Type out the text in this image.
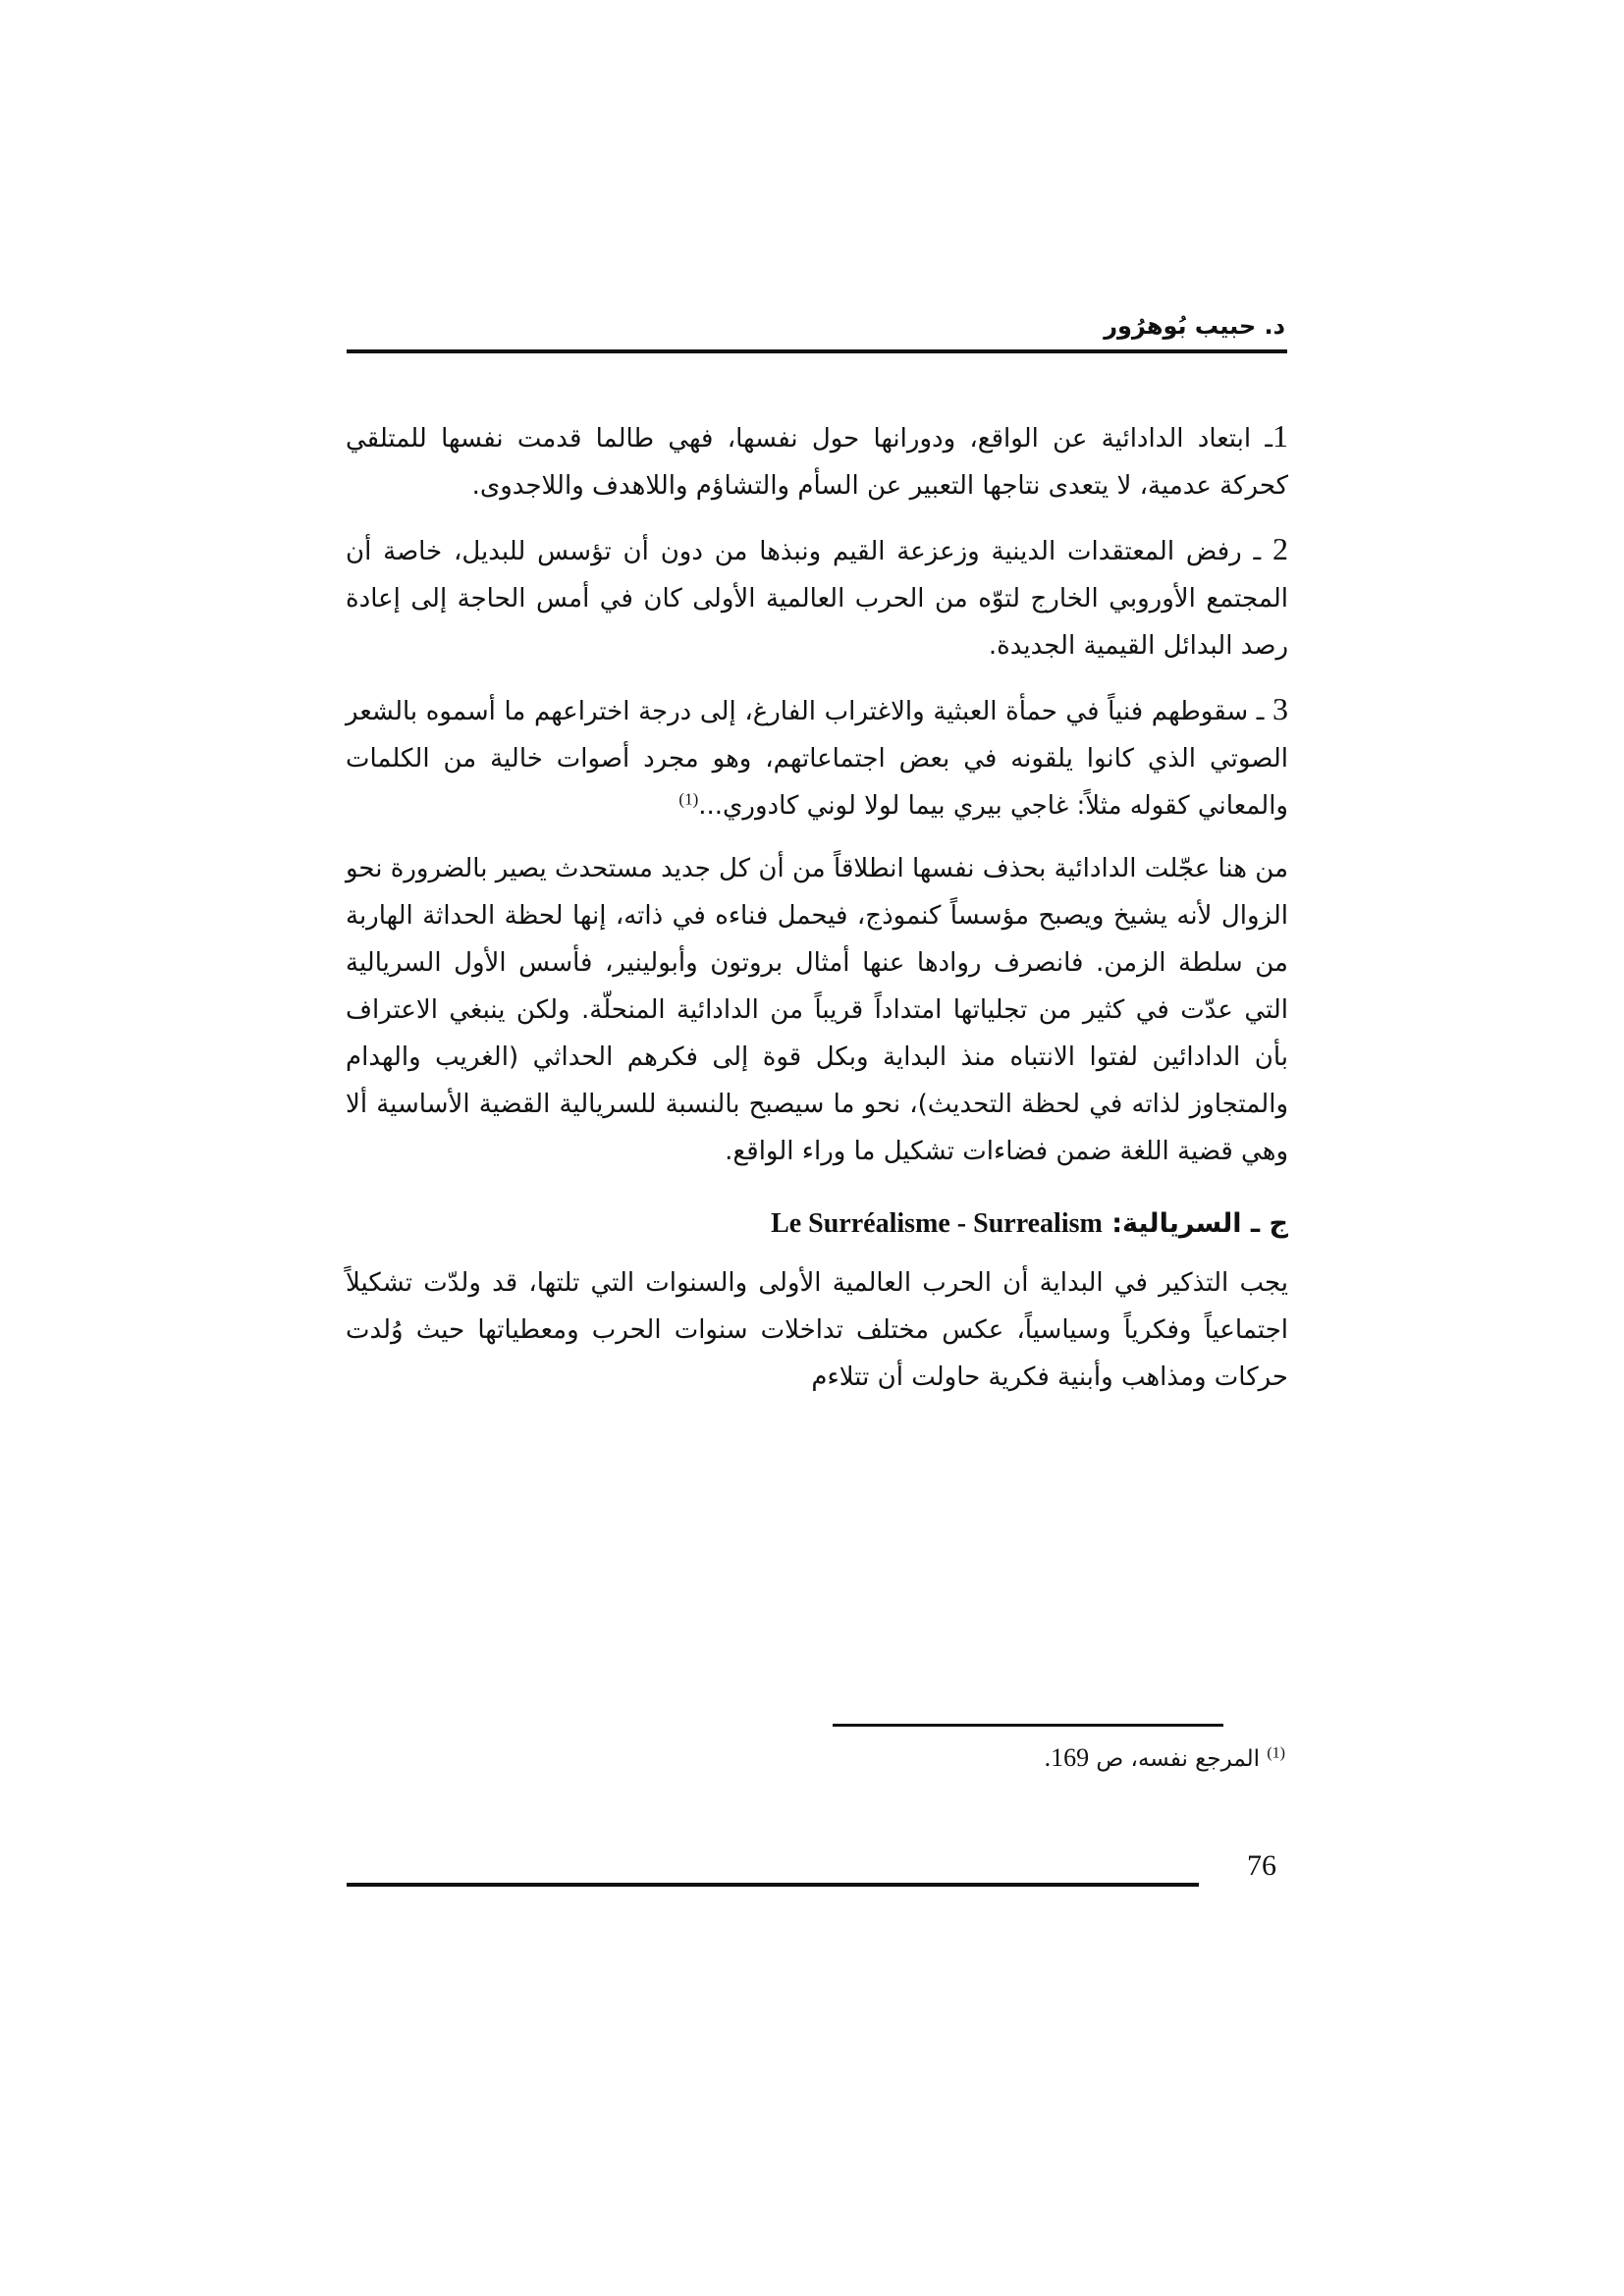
د. حبيب بُوهرُور

1ـ ابتعاد الدادائية عن الواقع، ودورانها حول نفسها، فهي طالما قدمت نفسها للمتلقي كحركة عدمية، لا يتعدى نتاجها التعبير عن السأم والتشاؤم واللاهدف واللاجدوى.

2 ـ رفض المعتقدات الدينية وزعزعة القيم ونبذها من دون أن تؤسس للبديل، خاصة أن المجتمع الأوروبي الخارج لتوّه من الحرب العالمية الأولى كان في أمس الحاجة إلى إعادة رصد البدائل القيمية الجديدة.

3 ـ سقوطهم فنياً في حمأة العبثية والاغتراب الفارغ، إلى درجة اختراعهم ما أسموه بالشعر الصوتي الذي كانوا يلقونه في بعض اجتماعاتهم، وهو مجرد أصوات خالية من الكلمات والمعاني كقوله مثلاً: غاجي بيري بيما لولا لوني كادوري...$^{(1)}$

من هنا عجّلت الدادائية بحذف نفسها انطلاقاً من أن كل جديد مستحدث يصير بالضرورة نحو الزوال لأنه يشيخ ويصبح مؤسساً كنموذج، فيحمل فناءه في ذاته، إنها لحظة الحداثة الهاربة من سلطة الزمن. فانصرف روادها عنها أمثال بروتون وأبولينير، فأسس الأول السريالية التي عدّت في كثير من تجلياتها امتداداً قريباً من الدادائية المنحلّة. ولكن ينبغي الاعتراف بأن الدادائين لفتوا الانتباه منذ البداية وبكل قوة إلى فكرهم الحداثي (الغريب والهدام والمتجاوز لذاته في لحظة التحديث)، نحو ما سيصبح بالنسبة للسريالية القضية الأساسية ألا وهي قضية اللغة ضمن فضاءات تشكيل ما وراء الواقع.

ج ـ السريالية: Le Surréalisme - Surrealism

يجب التذكير في البداية أن الحرب العالمية الأولى والسنوات التي تلتها، قد ولدّت تشكيلاً اجتماعياً وفكرياً وسياسياً، عكس مختلف تداخلات سنوات الحرب ومعطياتها حيث وُلدت حركات ومذاهب وأبنية فكرية حاولت أن تتلاءم

$^{(1)}$ المرجع نفسه، ص 169.
76
